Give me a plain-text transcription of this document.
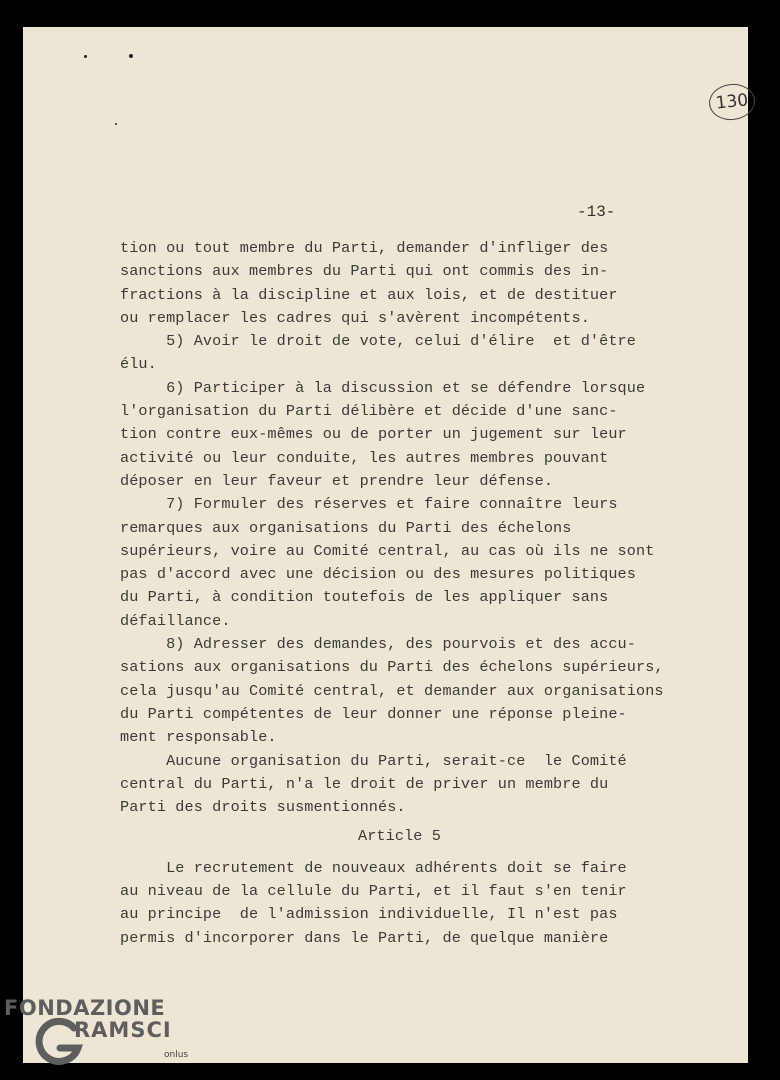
130
-13-

tion ou tout membre du Parti, demander d'infliger des

sanctions aux membres du Parti qui ont commis des in-

fractions à la discipline et aux lois, et de destituer

ou remplacer les cadres qui s'avèrent incompétents.

5) Avoir le droit de vote, celui d'élire  et d'être

élu.

6) Participer à la discussion et se défendre lorsque

l'organisation du Parti délibère et décide d'une sanc-

tion contre eux-mêmes ou de porter un jugement sur leur

activité ou leur conduite, les autres membres pouvant

déposer en leur faveur et prendre leur défense.

7) Formuler des réserves et faire connaître leurs

remarques aux organisations du Parti des échelons

supérieurs, voire au Comité central, au cas où ils ne sont

pas d'accord avec une décision ou des mesures politiques

du Parti, à condition toutefois de les appliquer sans

défaillance.

8) Adresser des demandes, des pourvois et des accu-

sations aux organisations du Parti des échelons supérieurs,

cela jusqu'au Comité central, et demander aux organisations

du Parti compétentes de leur donner une réponse pleine-

ment responsable.

Aucune organisation du Parti, serait-ce  le Comité

central du Parti, n'a le droit de priver un membre du

Parti des droits susmentionnés.

Article 5

Le recrutement de nouveaux adhérents doit se faire

au niveau de la cellule du Parti, et il faut s'en tenir

au principe  de l'admission individuelle, Il n'est pas

permis d'incorporer dans le Parti, de quelque manière

FONDAZIONE
RAMSCI
onlus
